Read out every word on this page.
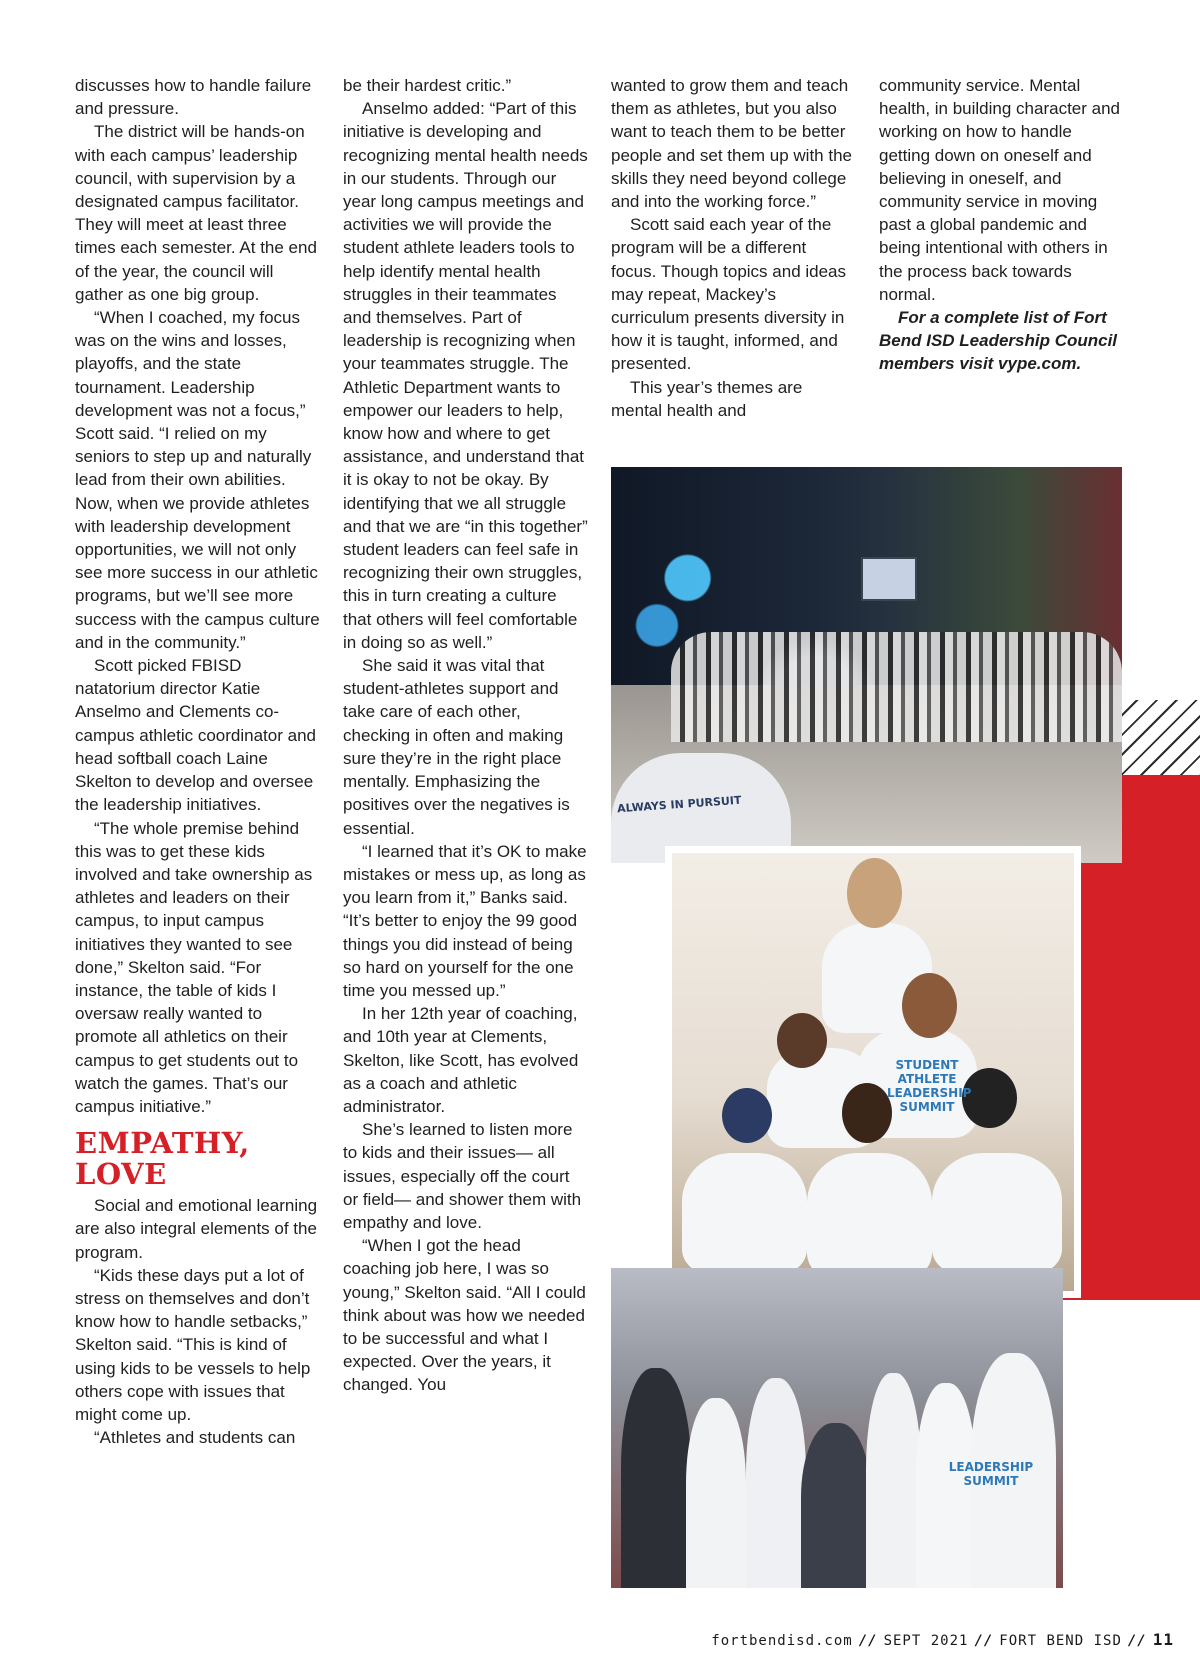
discusses how to handle failure and pressure.

The district will be hands-on with each campus’ leadership council, with supervision by a designated campus facilitator. They will meet at least three times each semester. At the end of the year, the council will gather as one big group.

“When I coached, my focus was on the wins and losses, playoffs, and the state tournament. Leadership development was not a focus,” Scott said. “I relied on my seniors to step up and naturally lead from their own abilities. Now, when we provide athletes with leadership development opportunities, we will not only see more success in our athletic programs, but we’ll see more success with the campus culture and in the community.”

Scott picked FBISD natatorium director Katie Anselmo and Clements co-campus athletic coordinator and head softball coach Laine Skelton to develop and oversee the leadership initiatives.

“The whole premise behind this was to get these kids involved and take ownership as athletes and leaders on their campus, to input campus initiatives they wanted to see done,” Skelton said. “For instance, the table of kids I oversaw really wanted to promote all athletics on their campus to get students out to watch the games. That’s our campus initiative.”

EMPATHY, LOVE

Social and emotional learning are also integral elements of the program.

“Kids these days put a lot of stress on themselves and don’t know how to handle setbacks,” Skelton said. “This is kind of using kids to be vessels to help others cope with issues that might come up.

“Athletes and students can

be their hardest critic.”

Anselmo added: “Part of this initiative is developing and recognizing mental health needs in our students. Through our year long campus meetings and activities we will provide the student athlete leaders tools to help identify mental health struggles in their teammates and themselves. Part of leadership is recognizing when your teammates struggle. The Athletic Department wants to empower our leaders to help, know how and where to get assistance, and understand that it is okay to not be okay. By identifying that we all struggle and that we are “in this together” student leaders can feel safe in recognizing their own struggles, this in turn creating a culture that others will feel comfortable in doing so as well.”

She said it was vital that student-athletes support and take care of each other, checking in often and making sure they’re in the right place mentally. Emphasizing the positives over the negatives is essential.

“I learned that it’s OK to make mistakes or mess up, as long as you learn from it,” Banks said. “It’s better to enjoy the 99 good things you did instead of being so hard on yourself for the one time you messed up.”

In her 12th year of coaching, and 10th year at Clements, Skelton, like Scott, has evolved as a coach and athletic administrator.

She’s learned to listen more to kids and their issues— all issues, especially off the court or field— and shower them with empathy and love.

“When I got the head coaching job here, I was so young,” Skelton said. “All I could think about was how we needed to be successful and what I expected. Over the years, it changed. You

wanted to grow them and teach them as athletes, but you also want to teach them to be better people and set them up with the skills they need beyond college and into the working force.”

Scott said each year of the program will be a different focus. Though topics and ideas may repeat, Mackey’s curriculum presents diversity in how it is taught, informed, and presented.

This year’s themes are mental health and

community service. Mental health, in building character and working on how to handle getting down on oneself and believing in oneself, and community service in moving past a global pandemic and being intentional with others in the process back towards normal.

For a complete list of Fort Bend ISD Leadership Council members visit vype.com.

ALWAYS IN PURSUIT
STUDENT ATHLETE LEADERSHIP SUMMIT
LEADERSHIP SUMMIT
fortbendisd.com // SEPT 2021 // FORT BEND ISD // 11
